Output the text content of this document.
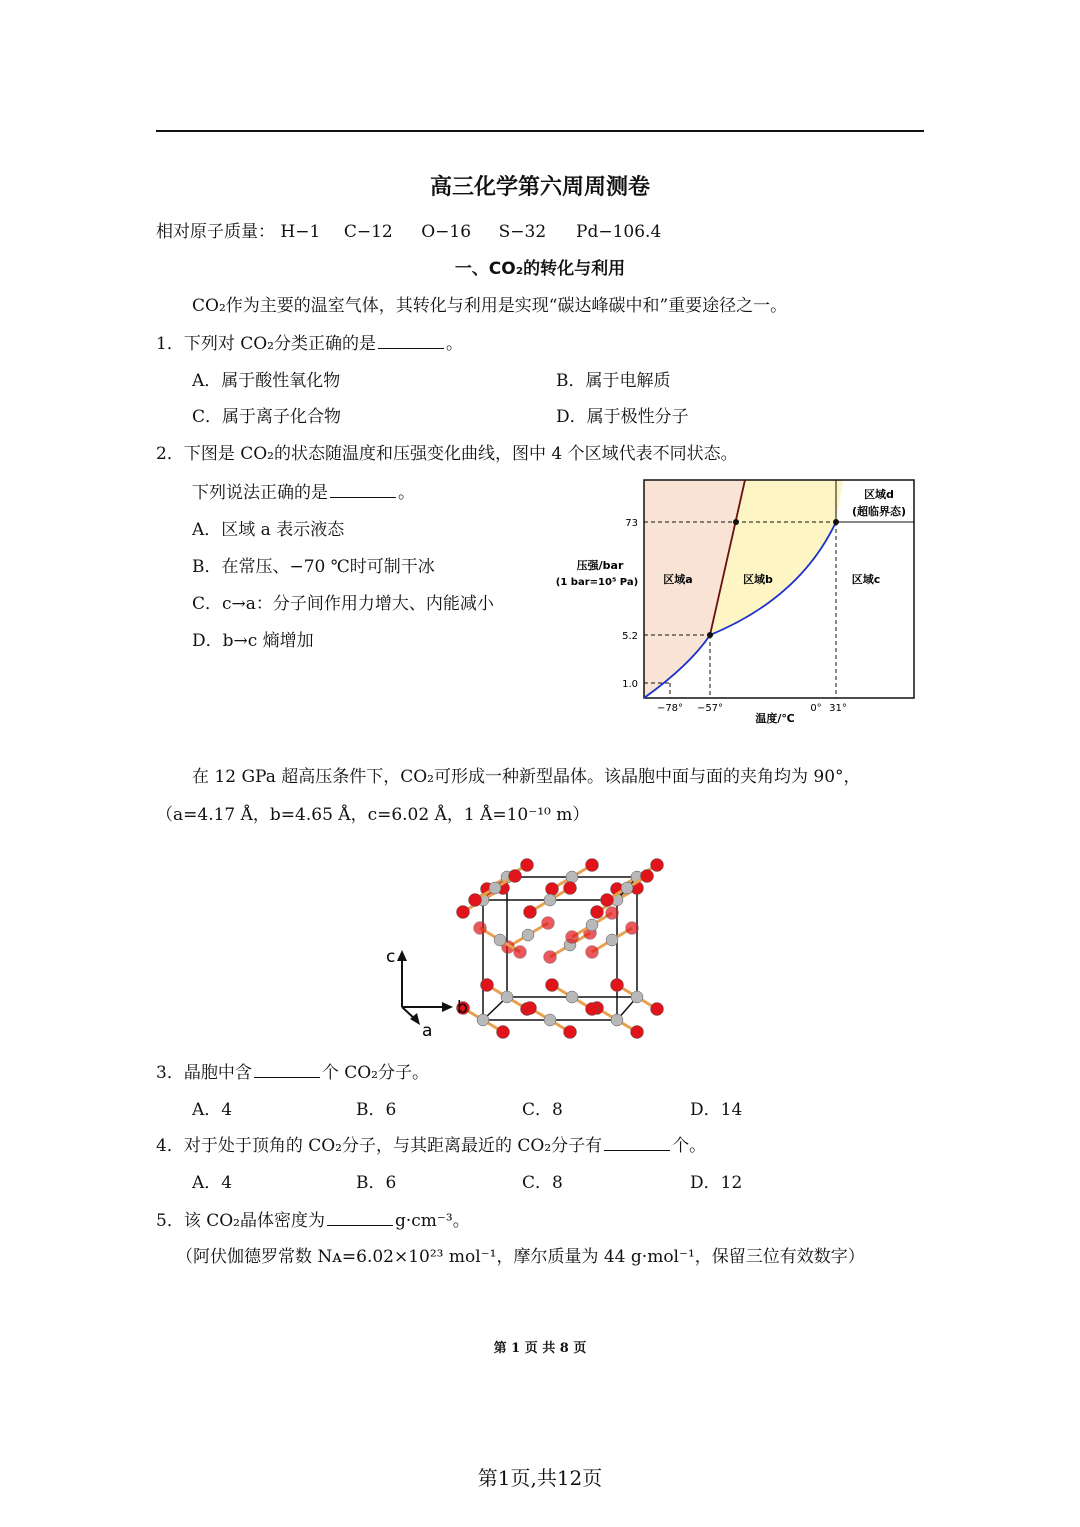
高三化学第六周周测卷
相对原子质量： H−1 C−12 O−16 S−32 Pd−106.4
一、CO₂的转化与利用
CO₂作为主要的温室气体，其转化与利用是实现“碳达峰碳中和”重要途径之一。
1．下列对 CO₂分类正确的是	。
A．属于酸性氧化物	B．属于电解质
C．属于离子化合物	D．属于极性分子
2．下图是 CO₂的状态随温度和压强变化曲线，图中 4 个区域代表不同状态。
下列说法正确的是	。
A．区域 a 表示液态
B．在常压、−70 ℃时可制干冰
C．c→a：分子间作用力增大、内能减小
D．b→c 熵增加
73
5.2
1.0
−78° −57°	0° 31°
温度/℃
压强/bar
(1 bar=10⁵ Pa) 区域a	区域b	区域c
区域d
(超临界态)
在 12 GPa 超高压条件下，CO₂可形成一种新型晶体。该晶胞中面与面的夹角均为 90°，
（a=4.17 Å，b=4.65 Å，c=6.02 Å，1 Å=10⁻¹⁰ m）
c
b
a
3．晶胞中含	个 CO₂分子。
A．4	B．6	C．8	D．14
4．对于处于顶角的 CO₂分子，与其距离最近的 CO₂分子有	个。
A．4	B．6	C．8	D．12
5．该 CO₂晶体密度为	g·cm⁻³。
（阿伏伽德罗常数 Nᴀ=6.02×10²³ mol⁻¹，摩尔质量为 44 g·mol⁻¹，保留三位有效数字）
第 1 页 共 8 页
第1页,共12页
